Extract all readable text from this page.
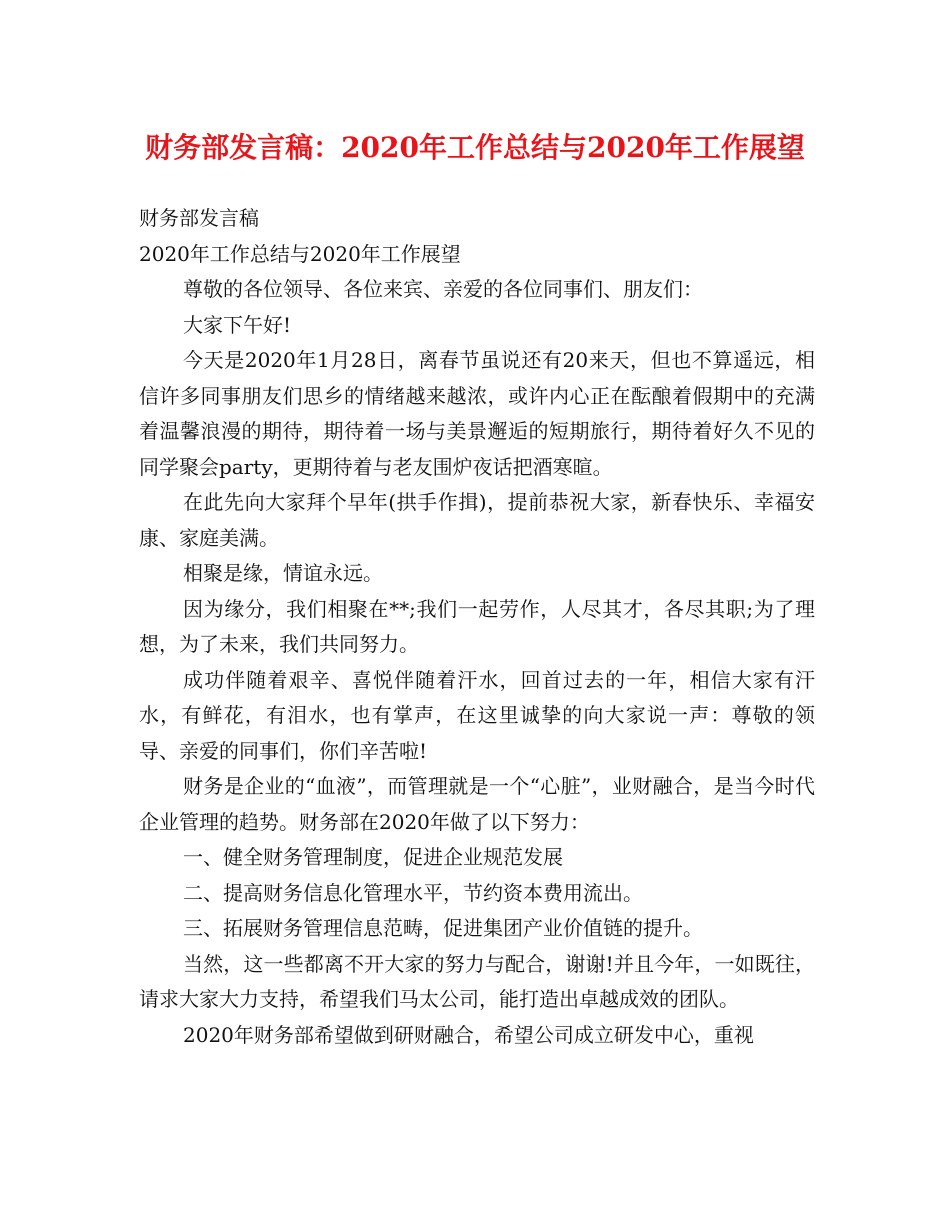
财务部发言稿：2020年工作总结与2020年工作展望

财务部发言稿

2020年工作总结与2020年工作展望

尊敬的各位领导、各位来宾、亲爱的各位同事们、朋友们：

大家下午好!

今天是2020年1月28日，离春节虽说还有20来天，但也不算遥远，相信许多同事朋友们思乡的情绪越来越浓，或许内心正在酝酿着假期中的充满着温馨浪漫的期待，期待着一场与美景邂逅的短期旅行，期待着好久不见的同学聚会party，更期待着与老友围炉夜话把酒寒暄。

在此先向大家拜个早年(拱手作揖)，提前恭祝大家，新春快乐、幸福安康、家庭美满。

相聚是缘，情谊永远。

因为缘分，我们相聚在**;我们一起劳作，人尽其才，各尽其职;为了理想，为了未来，我们共同努力。

成功伴随着艰辛、喜悦伴随着汗水，回首过去的一年，相信大家有汗水，有鲜花，有泪水，也有掌声，在这里诚挚的向大家说一声：尊敬的领导、亲爱的同事们，你们辛苦啦!

财务是企业的“血液”，而管理就是一个“心脏”，业财融合，是当今时代企业管理的趋势。财务部在2020年做了以下努力：

一、健全财务管理制度，促进企业规范发展

二、提高财务信息化管理水平，节约资本费用流出。

三、拓展财务管理信息范畴，促进集团产业价值链的提升。

当然，这一些都离不开大家的努力与配合，谢谢!并且今年，一如既往，请求大家大力支持，希望我们马太公司，能打造出卓越成效的团队。

2020年财务部希望做到研财融合，希望公司成立研发中心，重视
